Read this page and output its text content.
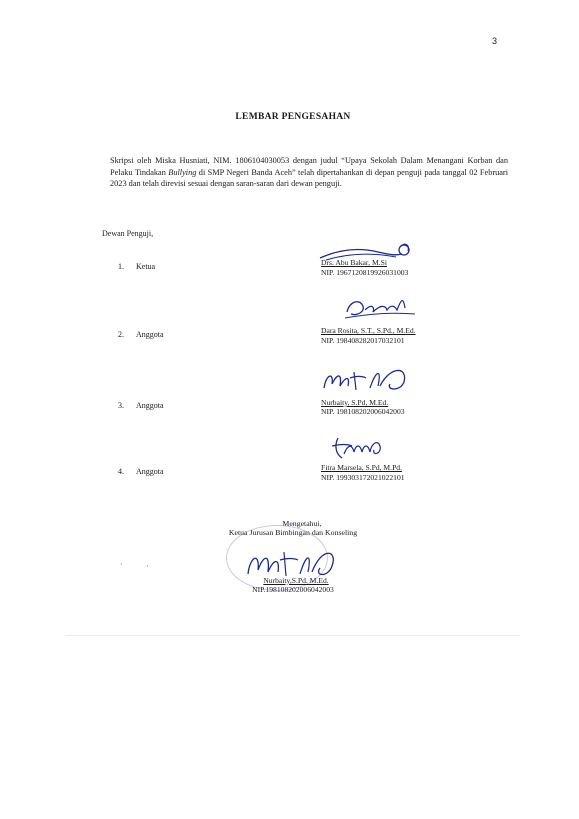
3
LEMBAR PENGESAHAN
Skripsi oleh Miska Husniati, NIM. 1806104030053 dengan judul “Upaya Sekolah Dalam Menangani Korban dan Pelaku Tindakan Bullying di SMP Negeri Banda Aceh” telah dipertahankan di depan penguji pada tanggal 02 Februari 2023 dan telah direvisi sesuai dengan saran-saran dari dewan penguji.
Dewan Penguji,
1. Ketua	Drs. Abu Bakar, M.Si
NIP. 1967120819926031003
2. Anggota	Dara Rosita, S.T., S.Pd., M.Ed.
NIP. 198408282017032101
3. Anggota	Nurbaity, S.Pd, M.Ed.
NIP. 198108202006042003
4. Anggota	Fitra Marsela, S.Pd, M.Pd.
NIP. 199303172021022101
Mengetahui,
Ketua Jurusan Bimbingan dan Konseling
·	·
Nurbaity,S.Pd. M.Ed.
NIP.198108202006042003
